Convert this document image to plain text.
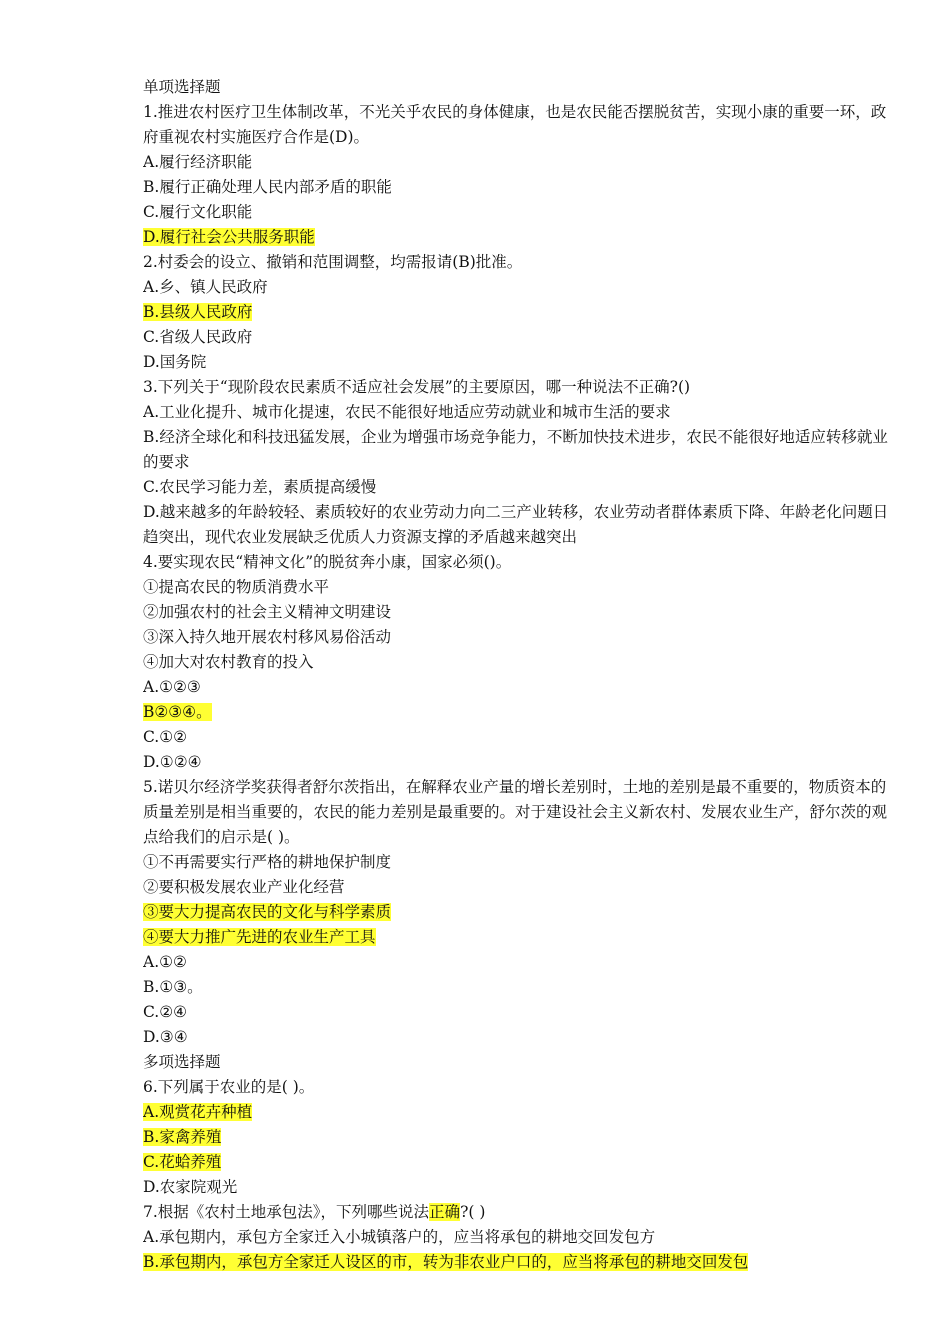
单项选择题
1.推进农村医疗卫生体制改革，不光关乎农民的身体健康，也是农民能否摆脱贫苦，实现小康的重要一环，政府重视农村实施医疗合作是(D)。
A.履行经济职能
B.履行正确处理人民内部矛盾的职能
C.履行文化职能
D.履行社会公共服务职能
2.村委会的设立、撤销和范围调整，均需报请(B)批准。
A.乡、镇人民政府
B.县级人民政府
C.省级人民政府
D.国务院
3.下列关于“现阶段农民素质不适应社会发展”的主要原因，哪一种说法不正确?()
A.工业化提升、城市化提速，农民不能很好地适应劳动就业和城市生活的要求
B.经济全球化和科技迅猛发展，企业为增强市场竞争能力，不断加快技术进步，农民不能很好地适应转移就业的要求
C.农民学习能力差，素质提高缓慢
D.越来越多的年龄较轻、素质较好的农业劳动力向二三产业转移，农业劳动者群体素质下降、年龄老化问题日趋突出，现代农业发展缺乏优质人力资源支撑的矛盾越来越突出
4.要实现农民“精神文化”的脱贫奔小康，国家必须()。
①提高农民的物质消费水平
②加强农村的社会主义精神文明建设
③深入持久地开展农村移风易俗活动
④加大对农村教育的投入
A.①②③
B②③④。
C.①②
D.①②④
5.诺贝尔经济学奖获得者舒尔茨指出，在解释农业产量的增长差别时，土地的差别是最不重要的，物质资本的质量差别是相当重要的，农民的能力差别是最重要的。对于建设社会主义新农村、发展农业生产，舒尔茨的观点给我们的启示是( )。
①不再需要实行严格的耕地保护制度
②要积极发展农业产业化经营
③要大力提高农民的文化与科学素质
④要大力推广先进的农业生产工具
A.①②
B.①③。
C.②④
D.③④
多项选择题
6.下列属于农业的是( )。
A.观赏花卉种植
B.家禽养殖
C.花蛤养殖
D.农家院观光
7.根据《农村土地承包法》，下列哪些说法正确?( )
A.承包期内，承包方全家迁入小城镇落户的，应当将承包的耕地交回发包方
B.承包期内，承包方全家迁人设区的市，转为非农业户口的，应当将承包的耕地交回发包
